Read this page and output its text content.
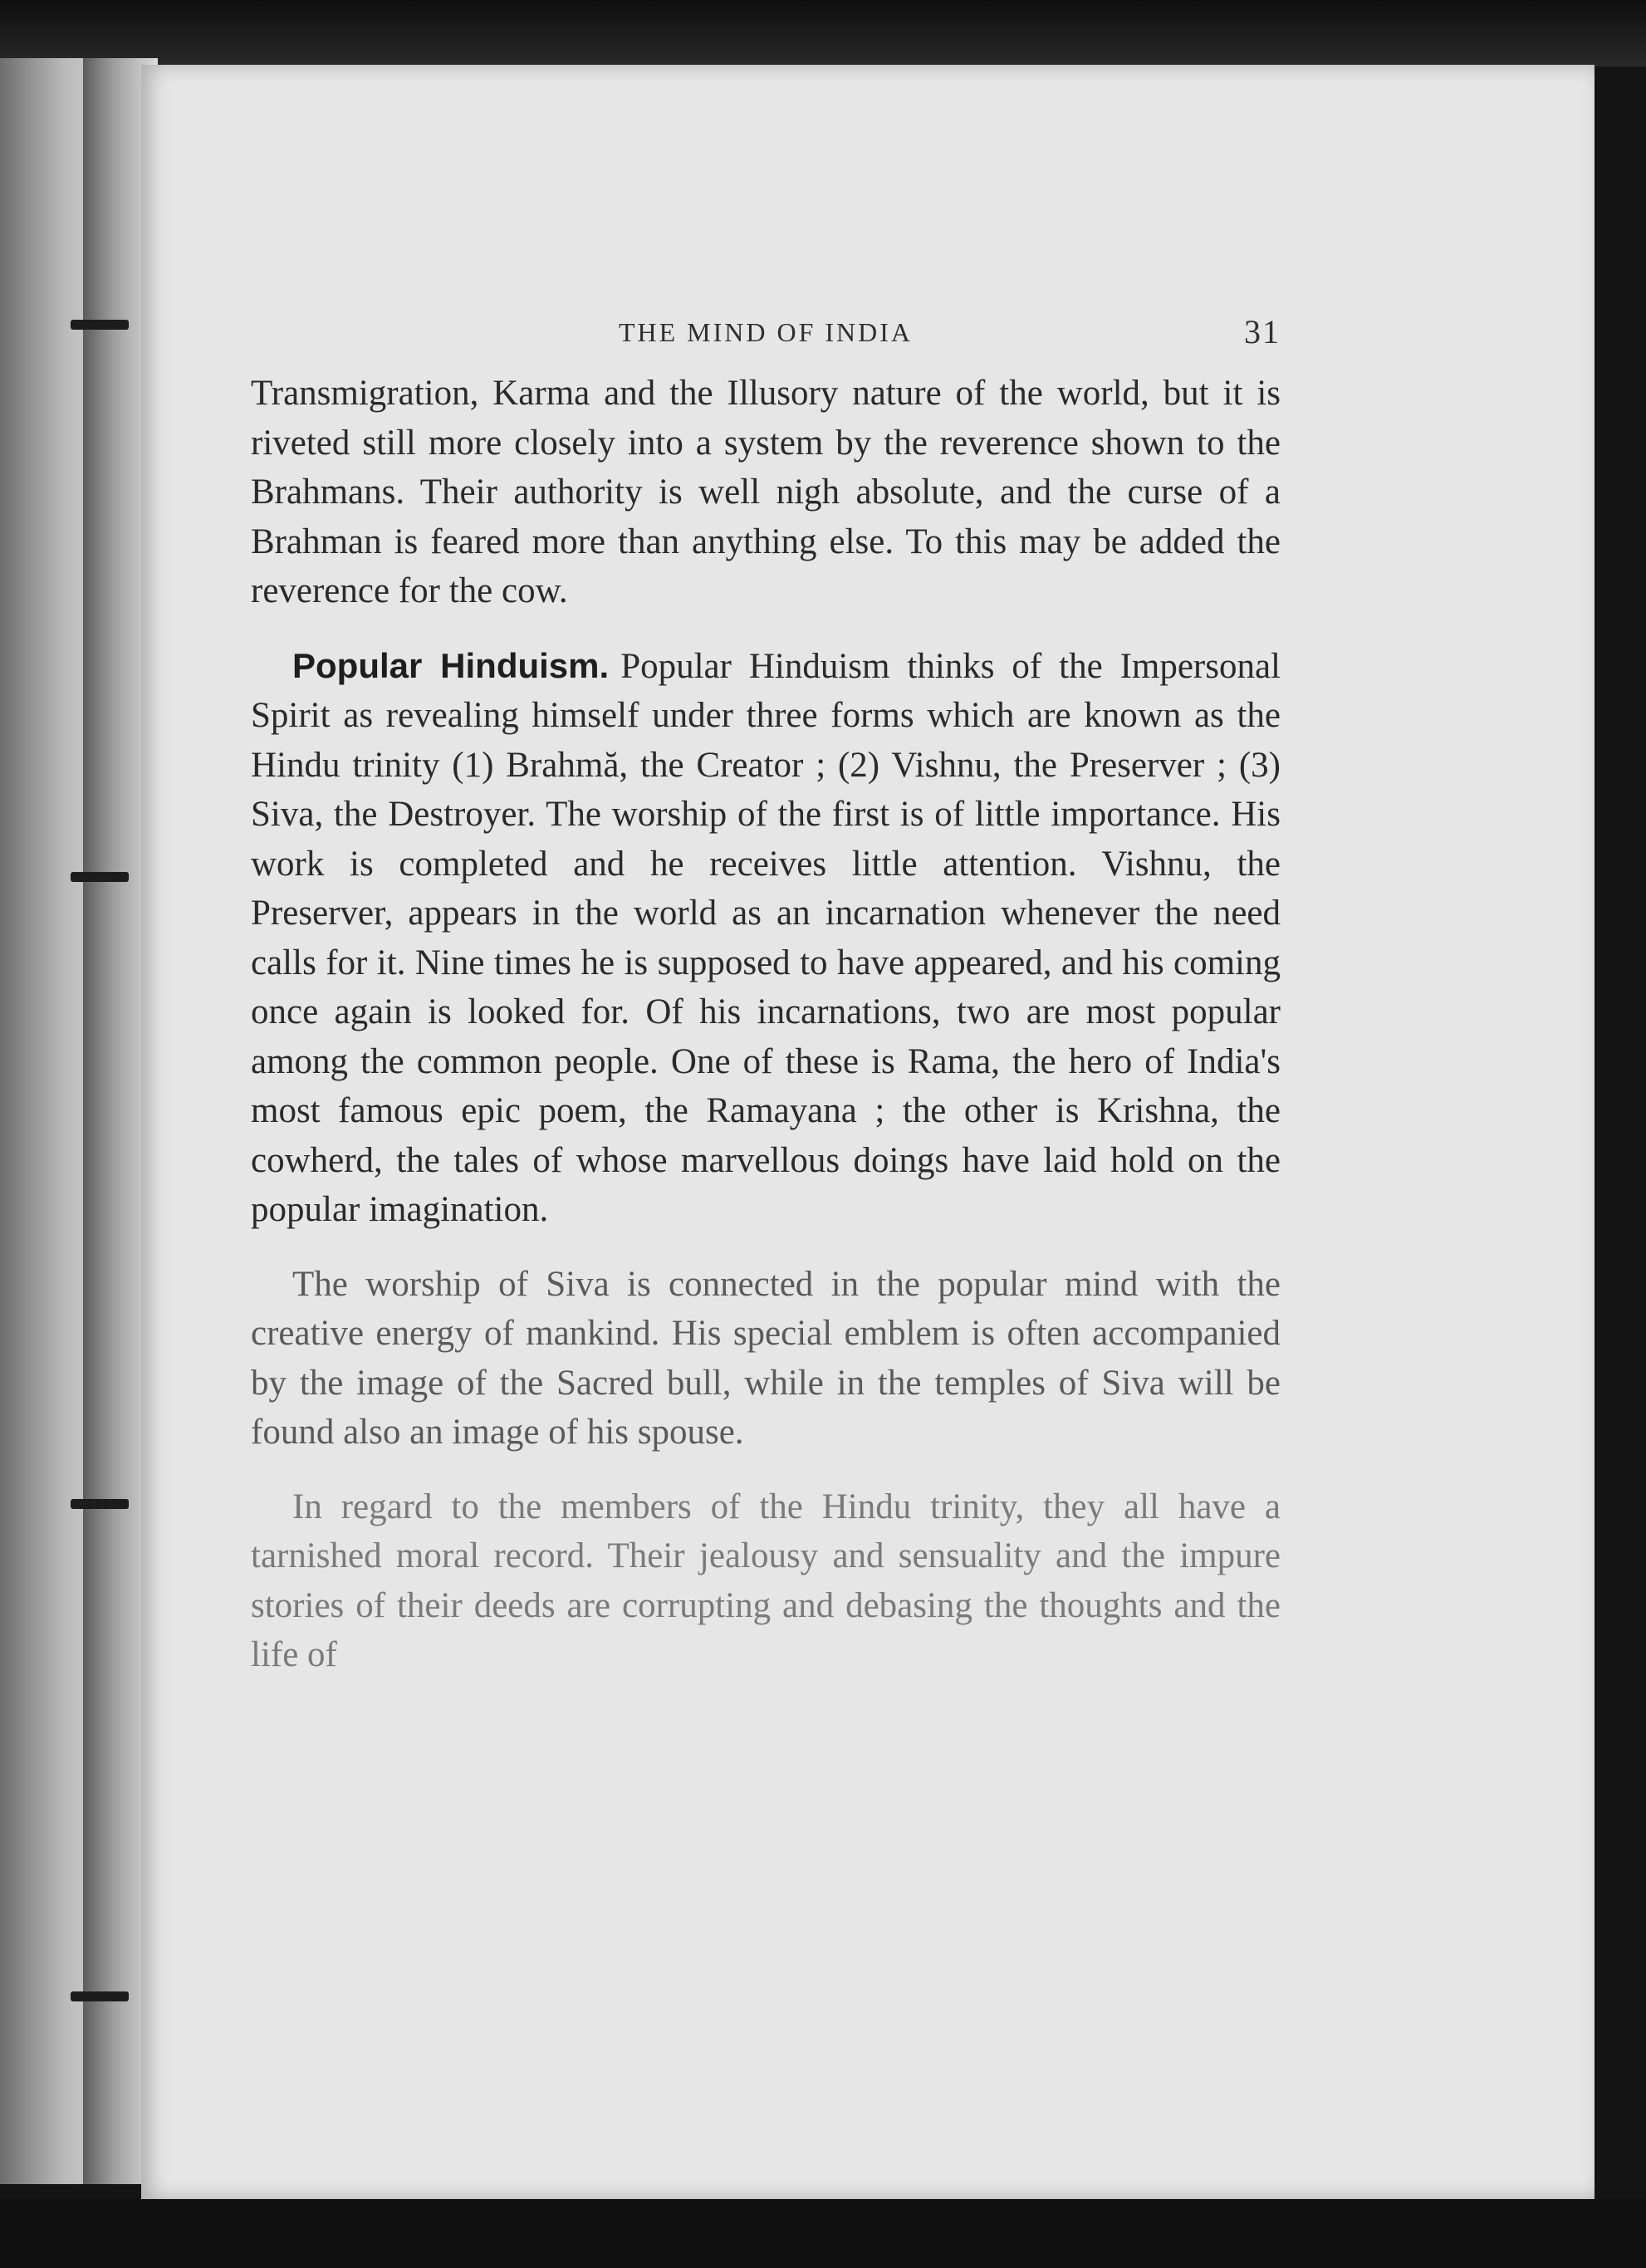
THE MIND OF INDIA	31

Transmigration, Karma and the Illusory nature of the world, but it is riveted still more closely into a system by the reverence shown to the Brahmans. Their authority is well nigh absolute, and the curse of a Brahman is feared more than anything else. To this may be added the reverence for the cow.

Popular Hinduism. Popular Hinduism thinks of the Impersonal Spirit as revealing himself under three forms which are known as the Hindu trinity (1) Brahmă, the Creator ; (2) Vishnu, the Preserver ; (3) Siva, the Destroyer. The worship of the first is of little importance. His work is completed and he receives little attention. Vishnu, the Preserver, appears in the world as an incarnation whenever the need calls for it. Nine times he is supposed to have appeared, and his coming once again is looked for. Of his incarnations, two are most popular among the common people. One of these is Rama, the hero of India's most famous epic poem, the Ramayana ; the other is Krishna, the cowherd, the tales of whose marvellous doings have laid hold on the popular imagination.

The worship of Siva is connected in the popular mind with the creative energy of mankind. His special emblem is often accompanied by the image of the Sacred bull, while in the temples of Siva will be found also an image of his spouse.

In regard to the members of the Hindu trinity, they all have a tarnished moral record. Their jealousy and sensuality and the impure stories of their deeds are corrupting and debasing the thoughts and the life of
